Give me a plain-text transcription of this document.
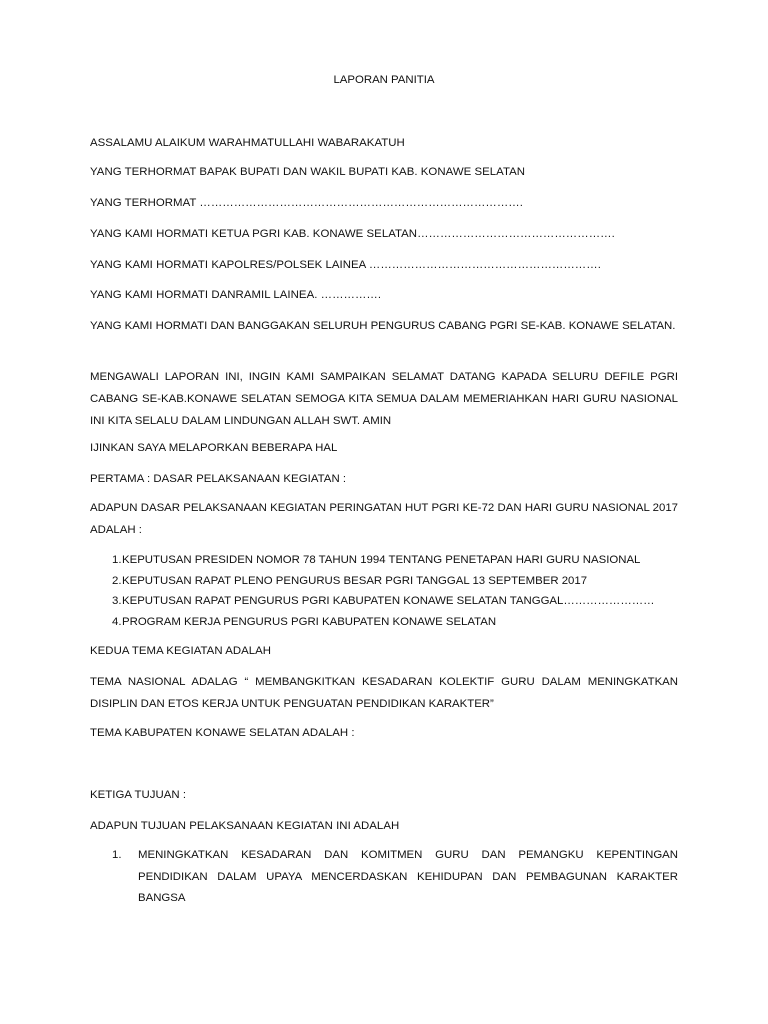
LAPORAN PANITIA
ASSALAMU ALAIKUM WARAHMATULLAHI WABARAKATUH
YANG TERHORMAT BAPAK BUPATI DAN WAKIL BUPATI KAB. KONAWE SELATAN
YANG TERHORMAT ………………………………………………………………………….
YANG KAMI HORMATI KETUA PGRI KAB. KONAWE SELATAN…………………………………………….
YANG KAMI HORMATI KAPOLRES/POLSEK LAINEA …………………………………………………….
YANG KAMI HORMATI DANRAMIL LAINEA. …………….
YANG KAMI HORMATI DAN BANGGAKAN SELURUH PENGURUS CABANG PGRI SE-KAB. KONAWE SELATAN.
MENGAWALI LAPORAN INI, INGIN KAMI SAMPAIKAN SELAMAT DATANG KAPADA SELURU DEFILE PGRI CABANG SE-KAB.KONAWE SELATAN SEMOGA KITA SEMUA DALAM MEMERIAHKAN HARI GURU NASIONAL INI KITA SELALU DALAM LINDUNGAN ALLAH SWT. AMIN
IJINKAN SAYA MELAPORKAN BEBERAPA HAL
PERTAMA : DASAR PELAKSANAAN KEGIATAN :
ADAPUN DASAR PELAKSANAAN KEGIATAN PERINGATAN HUT PGRI KE-72 DAN HARI GURU NASIONAL 2017 ADALAH :
1. KEPUTUSAN PRESIDEN NOMOR 78 TAHUN 1994 TENTANG PENETAPAN HARI GURU NASIONAL
2. KEPUTUSAN RAPAT PLENO PENGURUS BESAR PGRI TANGGAL 13 SEPTEMBER 2017
3. KEPUTUSAN RAPAT PENGURUS PGRI KABUPATEN KONAWE SELATAN TANGGAL……………………
4. PROGRAM KERJA PENGURUS PGRI KABUPATEN KONAWE SELATAN
KEDUA TEMA KEGIATAN ADALAH
TEMA NASIONAL ADALAG “ MEMBANGKITKAN KESADARAN KOLEKTIF GURU DALAM MENINGKATKAN DISIPLIN DAN ETOS KERJA UNTUK PENGUATAN PENDIDIKAN KARAKTER”
TEMA KABUPATEN KONAWE SELATAN ADALAH :
KETIGA TUJUAN :
ADAPUN TUJUAN PELAKSANAAN KEGIATAN INI ADALAH
1. MENINGKATKAN KESADARAN DAN KOMITMEN GURU DAN PEMANGKU KEPENTINGAN PENDIDIKAN DALAM UPAYA MENCERDASKAN KEHIDUPAN DAN PEMBAGUNAN KARAKTER BANGSA
